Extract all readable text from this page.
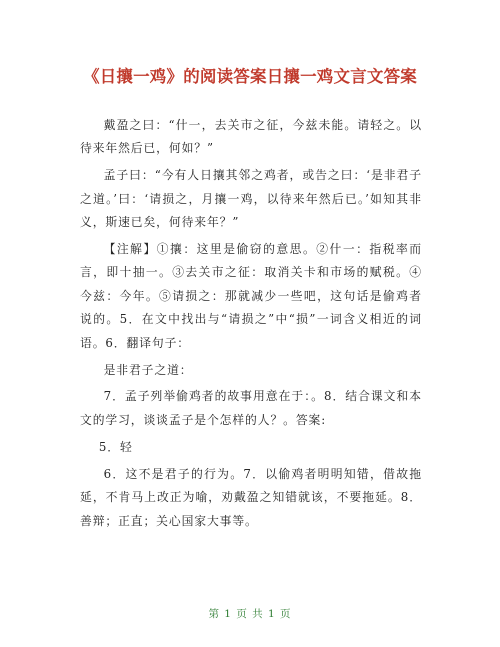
《日攘一鸡》的阅读答案日攘一鸡文言文答案

戴盈之曰：“什一，去关市之征，今兹未能。请轻之。以待来年然后已，何如？”

孟子曰：“今有人日攘其邻之鸡者，或告之曰：‘是非君子之道。’曰：‘请损之，月攘一鸡，以待来年然后已。’如知其非义，斯速已矣，何待来年？”

【注解】①攘：这里是偷窃的意思。②什一：指税率而言，即十抽一。③去关市之征：取消关卡和市场的赋税。④今兹：今年。⑤请损之：那就减少一些吧，这句话是偷鸡者说的。5．在文中找出与“请损之”中“损”一词含义相近的词语。6．翻译句子：

是非君子之道：

7．孟子列举偷鸡者的故事用意在于：。8．结合课文和本文的学习，谈谈孟子是个怎样的人？。答案:

5．轻

6．这不是君子的行为。7．以偷鸡者明明知错，借故拖延，不肯马上改正为喻，劝戴盈之知错就该，不要拖延。8．善辩；正直；关心国家大事等。

第 1 页 共 1 页
